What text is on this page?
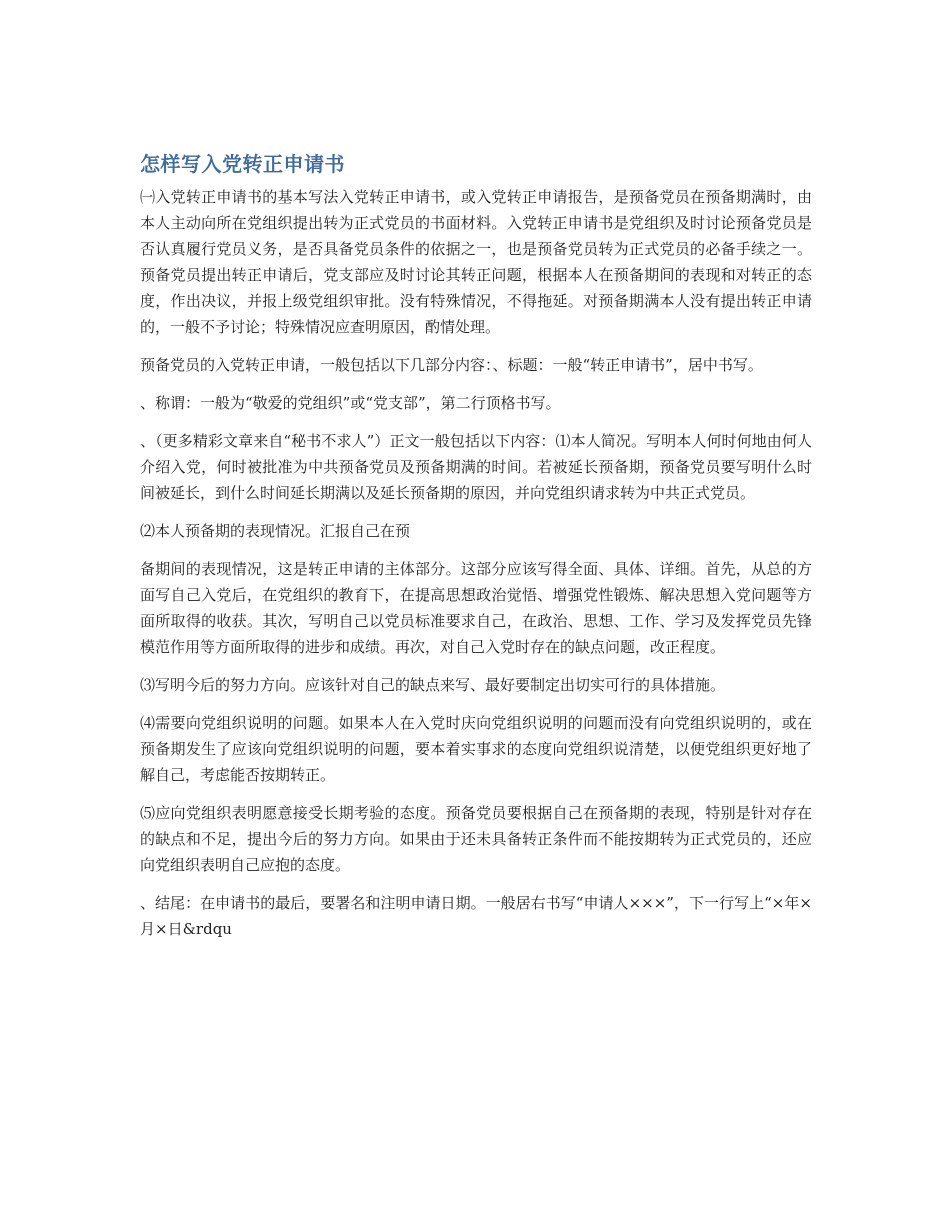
怎样写入党转正申请书

㈠入党转正申请书的基本写法入党转正申请书，或入党转正申请报告，是预备党员在预备期满时，由本人主动向所在党组织提出转为正式党员的书面材料。入党转正申请书是党组织及时讨论预备党员是否认真履行党员义务，是否具备党员条件的依据之一，也是预备党员转为正式党员的必备手续之一。预备党员提出转正申请后，党支部应及时讨论其转正问题，根据本人在预备期间的表现和对转正的态度，作出决议，并报上级党组织审批。没有特殊情况，不得拖延。对预备期满本人没有提出转正申请的，一般不予讨论；特殊情况应查明原因，酌情处理。

预备党员的入党转正申请，一般包括以下几部分内容：、标题：一般“转正申请书”，居中书写。

、称谓：一般为“敬爱的党组织”或“党支部”，第二行顶格书写。

、（更多精彩文章来自“秘书不求人”）正文一般包括以下内容：⑴本人简况。写明本人何时何地由何人介绍入党，何时被批准为中共预备党员及预备期满的时间。若被延长预备期，预备党员要写明什么时间被延长，到什么时间延长期满以及延长预备期的原因，并向党组织请求转为中共正式党员。

⑵本人预备期的表现情况。汇报自己在预

备期间的表现情况，这是转正申请的主体部分。这部分应该写得全面、具体、详细。首先，从总的方面写自己入党后，在党组织的教育下，在提高思想政治觉悟、增强党性锻炼、解决思想入党问题等方面所取得的收获。其次，写明自己以党员标准要求自己，在政治、思想、工作、学习及发挥党员先锋模范作用等方面所取得的进步和成绩。再次，对自己入党时存在的缺点问题，改正程度。

⑶写明今后的努力方向。应该针对自己的缺点来写、最好要制定出切实可行的具体措施。

⑷需要向党组织说明的问题。如果本人在入党时庆向党组织说明的问题而没有向党组织说明的，或在预备期发生了应该向党组织说明的问题，要本着实事求的态度向党组织说清楚，以便党组织更好地了解自己，考虑能否按期转正。

⑸应向党组织表明愿意接受长期考验的态度。预备党员要根据自己在预备期的表现，特别是针对存在的缺点和不足，提出今后的努力方向。如果由于还未具备转正条件而不能按期转为正式党员的，还应向党组织表明自己应抱的态度。

、结尾：在申请书的最后，要署名和注明申请日期。一般居右书写“申请人×××”，下一行写上“×年×月×日&rdqu
